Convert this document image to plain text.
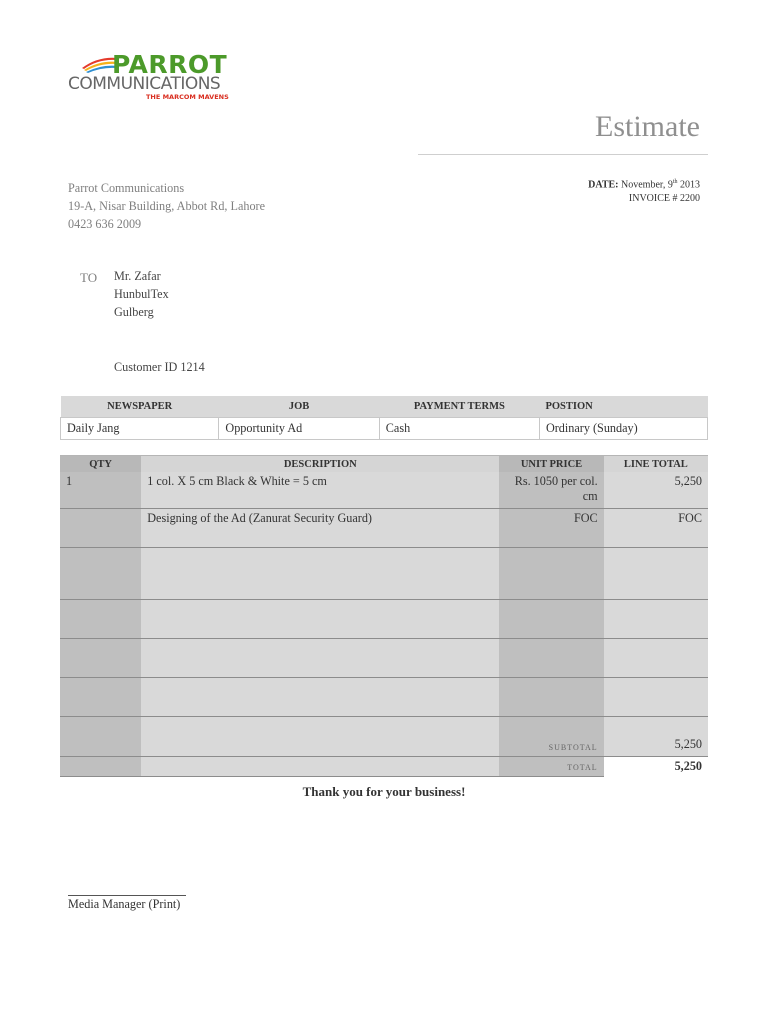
PARROT
COMMUNICATIONS
THE MARCOM MAVENS
Estimate
Parrot Communications
19-A, Nisar Building, Abbot Rd, Lahore
0423 636 2009
DATE: November, 9th 2013
INVOICE # 2200
TO Mr. Zafar
HunbulTex
Gulberg
Customer ID 1214
NEWSPAPER	JOB	PAYMENT TERMS	POSTION
Daily Jang	Opportunity Ad	Cash	Ordinary (Sunday)
QTY	DESCRIPTION	UNIT PRICE	LINE TOTAL
1	1 col. X 5 cm Black & White = 5 cm	Rs. 1050 per col. cm	5,250
	Designing of the Ad (Zanurat Security Guard)	FOC	FOC

		SUBTOTAL	5,250
		TOTAL	5,250
Thank you for your business!
Media Manager (Print)
